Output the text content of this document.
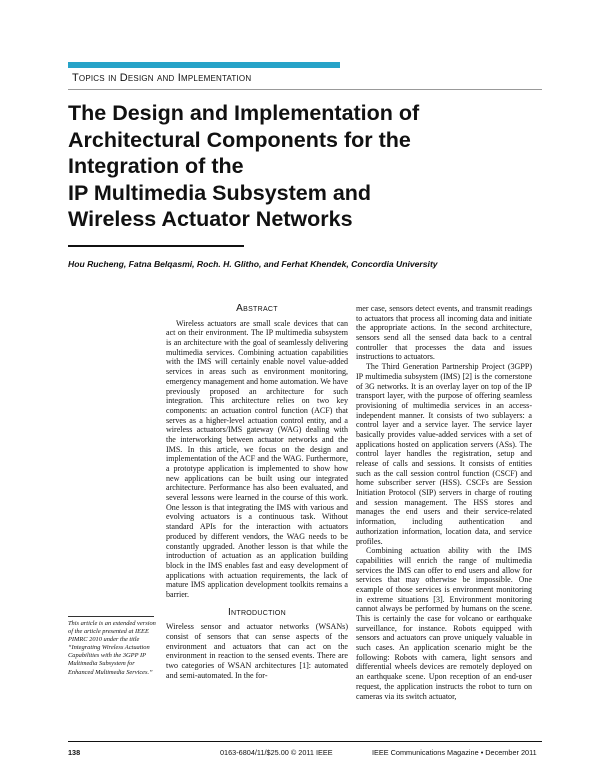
Topics in Design and Implementation
The Design and Implementation of
Architectural Components for the
Integration of the
IP Multimedia Subsystem and
Wireless Actuator Networks
Hou Rucheng, Fatna Belqasmi, Roch. H. Glitho, and Ferhat Khendek, Concordia University
Abstract

Wireless actuators are small scale devices that can act on their environment. The IP multimedia subsystem is an architecture with the goal of seamlessly delivering multimedia services. Combining actuation capabilities with the IMS will certainly enable novel value-added services in areas such as environment monitoring, emergency management and home automation. We have previously proposed an architecture for such integration. This architecture relies on two key components: an actuation control function (ACF) that serves as a higher-level actuation control entity, and a wireless actuators/IMS gateway (WAG) dealing with the interworking between actuator networks and the IMS. In this article, we focus on the design and implementation of the ACF and the WAG. Furthermore, a prototype application is implemented to show how new applications can be built using our integrated architecture. Performance has also been evaluated, and several lessons were learned in the course of this work. One lesson is that integrating the IMS with various and evolving actuators is a continuous task. Without standard APIs for the interaction with actuators produced by different vendors, the WAG needs to be constantly upgraded. Another lesson is that while the introduction of actuation as an application building block in the IMS enables fast and easy development of applications with actuation requirements, the lack of mature IMS application development toolkits remains a barrier.

Introduction

Wireless sensor and actuator networks (WSANs) consist of sensors that can sense aspects of the environment and actuators that can act on the environment in reaction to the sensed events. There are two categories of WSAN architectures [1]: automated and semi-automated. In the for-

mer case, sensors detect events, and transmit readings to actuators that process all incoming data and initiate the appropriate actions. In the second architecture, sensors send all the sensed data back to a central controller that processes the data and issues instructions to actuators.

The Third Generation Partnership Project (3GPP) IP multimedia subsystem (IMS) [2] is the cornerstone of 3G networks. It is an overlay layer on top of the IP transport layer, with the purpose of offering seamless provisioning of multimedia services in an access-independent manner. It consists of two sublayers: a control layer and a service layer. The service layer basically provides value-added services with a set of applications hosted on application servers (ASs). The control layer handles the registration, setup and release of calls and sessions. It consists of entities such as the call session control function (CSCF) and home subscriber server (HSS). CSCFs are Session Initiation Protocol (SIP) servers in charge of routing and session management. The HSS stores and manages the end users and their service-related information, including authentication and authorization information, location data, and service profiles.

Combining actuation ability with the IMS capabilities will enrich the range of multimedia services the IMS can offer to end users and allow for services that may otherwise be impossible. One example of those services is environment monitoring in extreme situations [3]. Environment monitoring cannot always be performed by humans on the scene. This is certainly the case for volcano or earthquake surveillance, for instance. Robots equipped with sensors and actuators can prove uniquely valuable in such cases. An application scenario might be the following: Robots with camera, light sensors and differential wheels devices are remotely deployed on an earthquake scene. Upon reception of an end-user request, the application instructs the robot to turn on cameras via its switch actuator,

This article is an extended version of the article presented at IEEE PIMRC 2010 under the title “Integrating Wireless Actuation Capabilities with the 3GPP IP Multimedia Subsystem for Enhanced Multimedia Services.”
138	0163-6804/11/$25.00 © 2011 IEEE	IEEE Communications Magazine • December 2011
